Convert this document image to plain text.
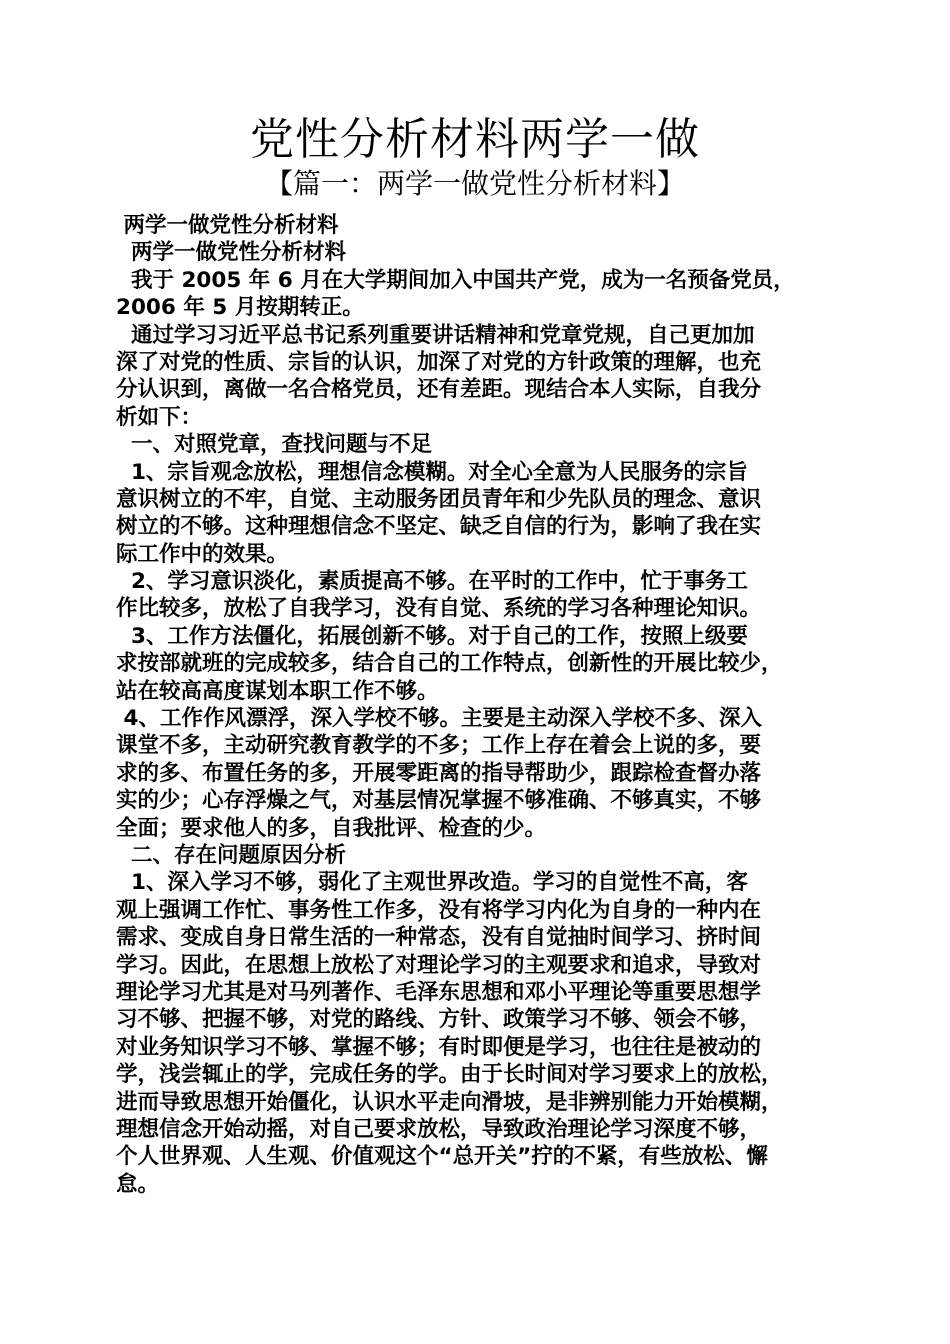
党性分析材料两学一做
【篇一：两学一做党性分析材料】
两学一做党性分析材料
两学一做党性分析材料
我于 2005 年 6 月在大学期间加入中国共产党，成为一名预备党员，
2006 年 5 月按期转正。
通过学习习近平总书记系列重要讲话精神和党章党规，自己更加加
深了对党的性质、宗旨的认识，加深了对党的方针政策的理解，也充
分认识到，离做一名合格党员，还有差距。现结合本人实际，自我分
析如下：
一、对照党章，查找问题与不足
1、宗旨观念放松，理想信念模糊。对全心全意为人民服务的宗旨
意识树立的不牢，自觉、主动服务团员青年和少先队员的理念、意识
树立的不够。这种理想信念不坚定、缺乏自信的行为，影响了我在实
际工作中的效果。
2、学习意识淡化，素质提高不够。在平时的工作中，忙于事务工
作比较多，放松了自我学习，没有自觉、系统的学习各种理论知识。
3、工作方法僵化，拓展创新不够。对于自己的工作，按照上级要
求按部就班的完成较多，结合自己的工作特点，创新性的开展比较少，
站在较高高度谋划本职工作不够。
4、工作作风漂浮，深入学校不够。主要是主动深入学校不多、深入
课堂不多，主动研究教育教学的不多；工作上存在着会上说的多，要
求的多、布置任务的多，开展零距离的指导帮助少，跟踪检查督办落
实的少；心存浮燥之气，对基层情况掌握不够准确、不够真实，不够
全面；要求他人的多，自我批评、检查的少。
二、存在问题原因分析
1、深入学习不够，弱化了主观世界改造。学习的自觉性不高，客
观上强调工作忙、事务性工作多，没有将学习内化为自身的一种内在
需求、变成自身日常生活的一种常态，没有自觉抽时间学习、挤时间
学习。因此，在思想上放松了对理论学习的主观要求和追求，导致对
理论学习尤其是对马列著作、毛泽东思想和邓小平理论等重要思想学
习不够、把握不够，对党的路线、方针、政策学习不够、领会不够，
对业务知识学习不够、掌握不够；有时即便是学习，也往往是被动的
学，浅尝辄止的学，完成任务的学。由于长时间对学习要求上的放松，
进而导致思想开始僵化，认识水平走向滑坡，是非辨别能力开始模糊，
理想信念开始动摇，对自己要求放松，导致政治理论学习深度不够，
个人世界观、人生观、价值观这个“总开关”拧的不紧，有些放松、懈
怠。
